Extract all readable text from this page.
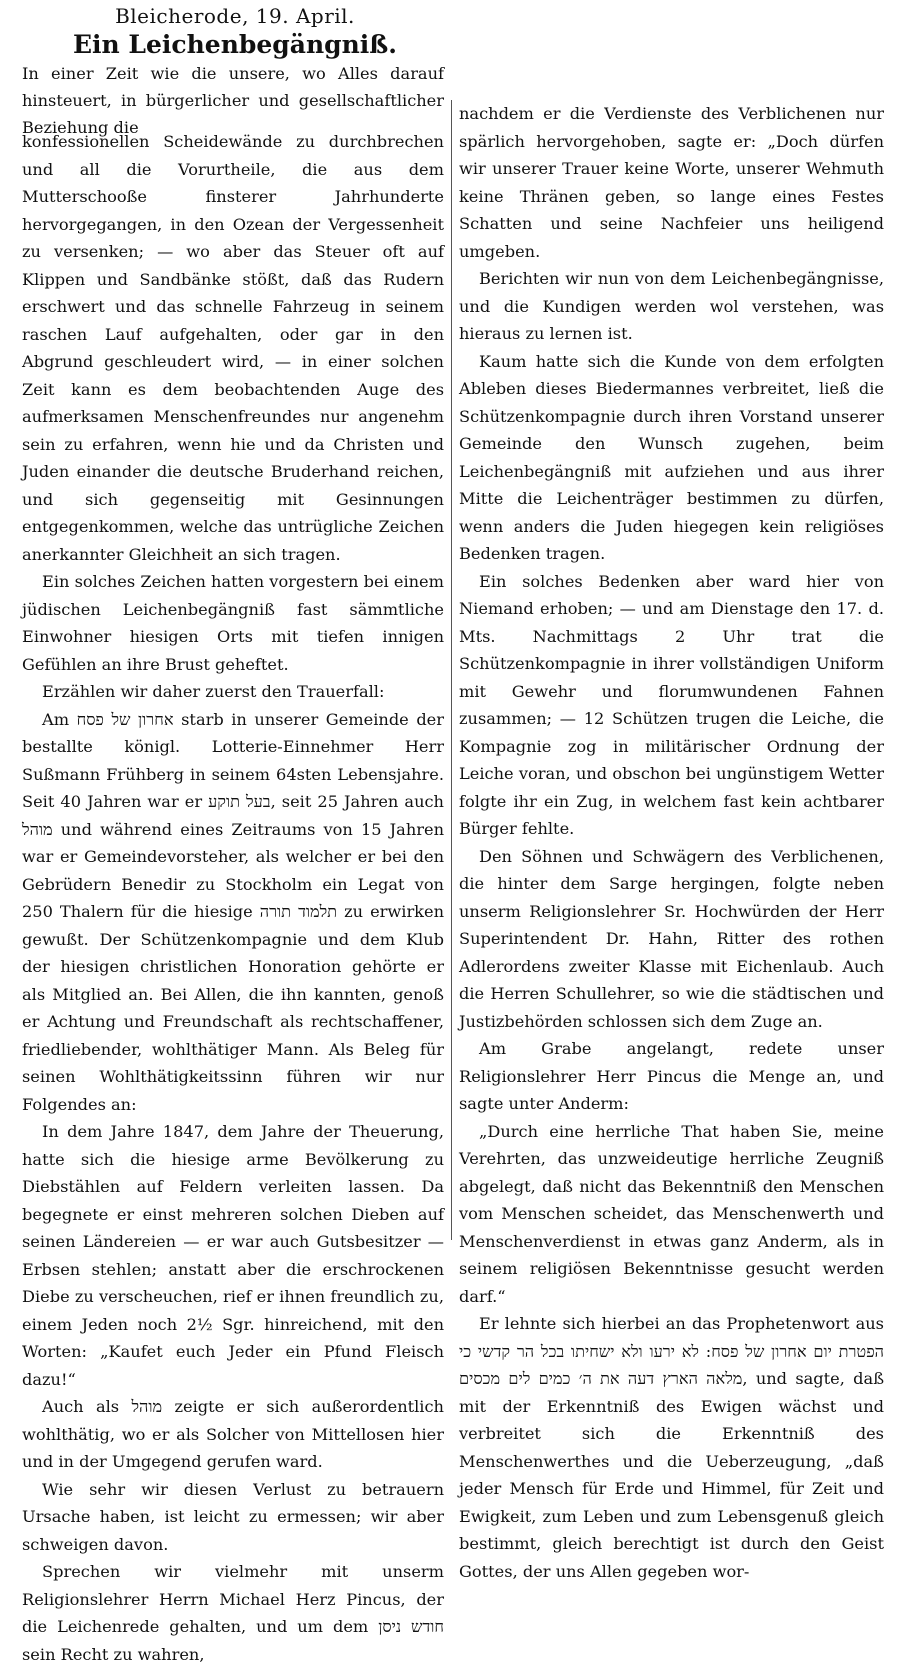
Bleicherode, 19. April.
Ein Leichenbegängniß.
In einer Zeit wie die unsere, wo Alles darauf hinsteuert, in bürgerlicher und gesellschaftlicher Beziehung die

konfessionellen Scheidewände zu durchbrechen und all die Vorurtheile, die aus dem Mutterschooße finsterer Jahrhunderte hervorgegangen, in den Ozean der Vergessenheit zu versenken; — wo aber das Steuer oft auf Klippen und Sandbänke stößt, daß das Rudern erschwert und das schnelle Fahrzeug in seinem raschen Lauf aufgehalten, oder gar in den Abgrund geschleudert wird, — in einer solchen Zeit kann es dem beobachtenden Auge des aufmerksamen Menschenfreundes nur angenehm sein zu erfahren, wenn hie und da Christen und Juden einander die deutsche Bruderhand reichen, und sich gegenseitig mit Gesinnungen entgegenkommen, welche das untrügliche Zeichen anerkannter Gleichheit an sich tragen.

Ein solches Zeichen hatten vorgestern bei einem jüdischen Leichenbegängniß fast sämmtliche Einwohner hiesigen Orts mit tiefen innigen Gefühlen an ihre Brust geheftet.

Erzählen wir daher zuerst den Trauerfall:

Am אחרון של פסח starb in unserer Gemeinde der bestallte königl. Lotterie-Einnehmer Herr Sußmann Frühberg in seinem 64sten Lebensjahre. Seit 40 Jahren war er בעל תוקע, seit 25 Jahren auch מוהל und während eines Zeitraums von 15 Jahren war er Gemeindevorsteher, als welcher er bei den Gebrüdern Benedir zu Stockholm ein Legat von 250 Thalern für die hiesige תלמוד תורה zu erwirken gewußt. Der Schützenkompagnie und dem Klub der hiesigen christlichen Honoration gehörte er als Mitglied an. Bei Allen, die ihn kannten, genoß er Achtung und Freundschaft als rechtschaffener, friedliebender, wohlthätiger Mann. Als Beleg für seinen Wohlthätigkeitssinn führen wir nur Folgendes an:

In dem Jahre 1847, dem Jahre der Theuerung, hatte sich die hiesige arme Bevölkerung zu Diebstählen auf Feldern verleiten lassen. Da begegnete er einst mehreren solchen Dieben auf seinen Ländereien — er war auch Gutsbesitzer — Erbsen stehlen; anstatt aber die erschrockenen Diebe zu verscheuchen, rief er ihnen freundlich zu, einem Jeden noch 2½ Sgr. hinreichend, mit den Worten: „Kaufet euch Jeder ein Pfund Fleisch dazu!“

Auch als מוהל zeigte er sich außerordentlich wohlthätig, wo er als Solcher von Mittellosen hier und in der Umgegend gerufen ward.

Wie sehr wir diesen Verlust zu betrauern Ursache haben, ist leicht zu ermessen; wir aber schweigen davon.

Sprechen wir vielmehr mit unserm Religionslehrer Herrn Michael Herz Pincus, der die Leichenrede gehalten, und um dem חודש ניסן sein Recht zu wahren,

nachdem er die Verdienste des Verblichenen nur spärlich hervorgehoben, sagte er: „Doch dürfen wir unserer Trauer keine Worte, unserer Wehmuth keine Thränen geben, so lange eines Festes Schatten und seine Nachfeier uns heiligend umgeben.

Berichten wir nun von dem Leichenbegängnisse, und die Kundigen werden wol verstehen, was hieraus zu lernen ist.

Kaum hatte sich die Kunde von dem erfolgten Ableben dieses Biedermannes verbreitet, ließ die Schützenkompagnie durch ihren Vorstand unserer Gemeinde den Wunsch zugehen, beim Leichenbegängniß mit aufziehen und aus ihrer Mitte die Leichenträger bestimmen zu dürfen, wenn anders die Juden hiegegen kein religiöses Bedenken tragen.

Ein solches Bedenken aber ward hier von Niemand erhoben; — und am Dienstage den 17. d. Mts. Nachmittags 2 Uhr trat die Schützenkompagnie in ihrer vollständigen Uniform mit Gewehr und florumwundenen Fahnen zusammen; — 12 Schützen trugen die Leiche, die Kompagnie zog in militärischer Ordnung der Leiche voran, und obschon bei ungünstigem Wetter folgte ihr ein Zug, in welchem fast kein achtbarer Bürger fehlte.

Den Söhnen und Schwägern des Verblichenen, die hinter dem Sarge hergingen, folgte neben unserm Religionslehrer Sr. Hochwürden der Herr Superintendent Dr. Hahn, Ritter des rothen Adlerordens zweiter Klasse mit Eichenlaub. Auch die Herren Schullehrer, so wie die städtischen und Justizbehörden schlossen sich dem Zuge an.

Am Grabe angelangt, redete unser Religionslehrer Herr Pincus die Menge an, und sagte unter Anderm:

„Durch eine herrliche That haben Sie, meine Verehrten, das unzweideutige herrliche Zeugniß abgelegt, daß nicht das Bekenntniß den Menschen vom Menschen scheidet, das Menschenwerth und Menschenverdienst in etwas ganz Anderm, als in seinem religiösen Bekenntnisse gesucht werden darf.“

Er lehnte sich hierbei an das Prophetenwort aus הפטרת יום אחרון של פסח: לא ירעו ולא ישחיתו בכל הר קדשי כי מלאה הארץ דעה את ה׳ כמים לים מכסים, und sagte, daß mit der Erkenntniß des Ewigen wächst und verbreitet sich die Erkenntniß des Menschenwerthes und die Ueberzeugung, „daß jeder Mensch für Erde und Himmel, für Zeit und Ewigkeit, zum Leben und zum Lebensgenuß gleich bestimmt, gleich berechtigt ist durch den Geist Gottes, der uns Allen gegeben wor-
